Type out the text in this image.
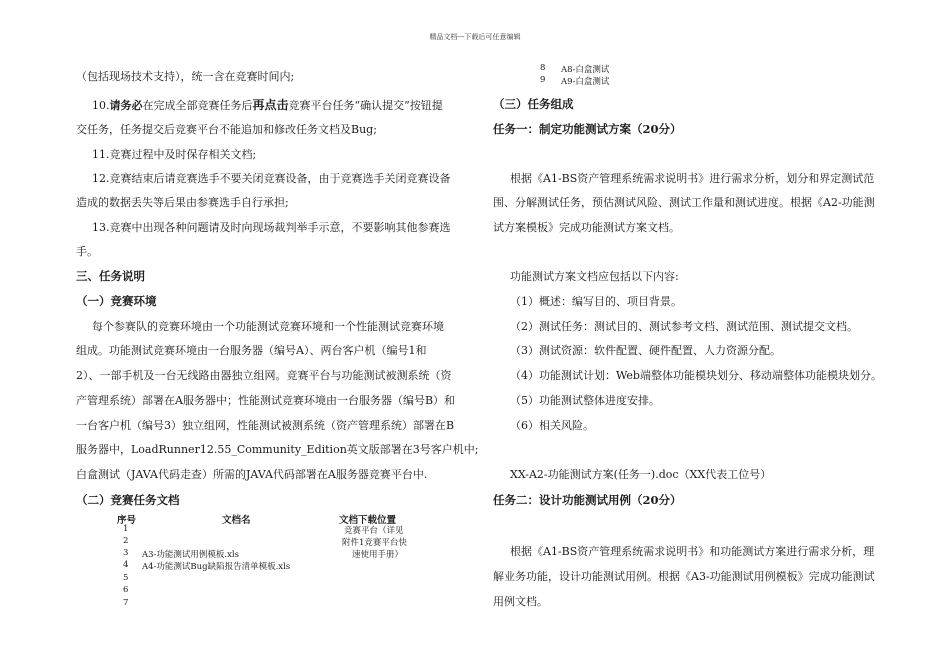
精品文档---下载后可任意编辑
（包括现场技术支持），统一含在竞赛时间内;
10.请务必在完成全部竞赛任务后再点击竞赛平台任务“确认提交”按钮提
交任务，任务提交后竞赛平台不能追加和修改任务文档及Bug;
11.竞赛过程中及时保存相关文档;
12.竞赛结束后请竞赛选手不要关闭竞赛设备，由于竞赛选手关闭竞赛设备
造成的数据丢失等后果由参赛选手自行承担;
13.竞赛中出现各种问题请及时向现场裁判举手示意，不要影响其他参赛选
手。
三、任务说明
（一）竞赛环境
每个参赛队的竞赛环境由一个功能测试竞赛环境和一个性能测试竞赛环境
组成。功能测试竞赛环境由一台服务器（编号A）、两台客户机（编号1和
2）、一部手机及一台无线路由器独立组网。竞赛平台与功能测试被测系统（资
产管理系统）部署在A服务器中；性能测试竞赛环境由一台服务器（编号B）和
一台客户机（编号3）独立组网，性能测试被测系统（资产管理系统）部署在B
服务器中，LoadRunner12.55_Community_Edition英文版部署在3号客户机中;
白盒测试（JAVA代码走查）所需的JAVA代码部署在A服务器竞赛平台中.
（二）竞赛任务文档
序号	文档名	文档下载位置
竞赛平台（详见
附件1竞赛平台快
速使用手册）
1
2
3 A3-功能测试用例模板.xls
4 A4-功能测试Bug缺陷报告清单模板.xls
5
6
7
8 A8-白盒测试
9 A9-白盒测试
（三）任务组成
任务一：制定功能测试方案（20分）
根据《A1-BS资产管理系统需求说明书》进行需求分析，划分和界定测试范
围、分解测试任务，预估测试风险、测试工作量和测试进度。根据《A2-功能测
试方案模板》完成功能测试方案文档。
功能测试方案文档应包括以下内容:
（1）概述：编写目的、项目背景。
（2）测试任务：测试目的、测试参考文档、测试范围、测试提交文档。
（3）测试资源：软件配置、硬件配置、人力资源分配。
（4）功能测试计划：Web端整体功能模块划分、移动端整体功能模块划分。
（5）功能测试整体进度安排。
（6）相关风险。
XX-A2-功能测试方案(任务一).doc（XX代表工位号）
任务二：设计功能测试用例（20分）
根据《A1-BS资产管理系统需求说明书》和功能测试方案进行需求分析，理
解业务功能，设计功能测试用例。根据《A3-功能测试用例模板》完成功能测试
用例文档。
